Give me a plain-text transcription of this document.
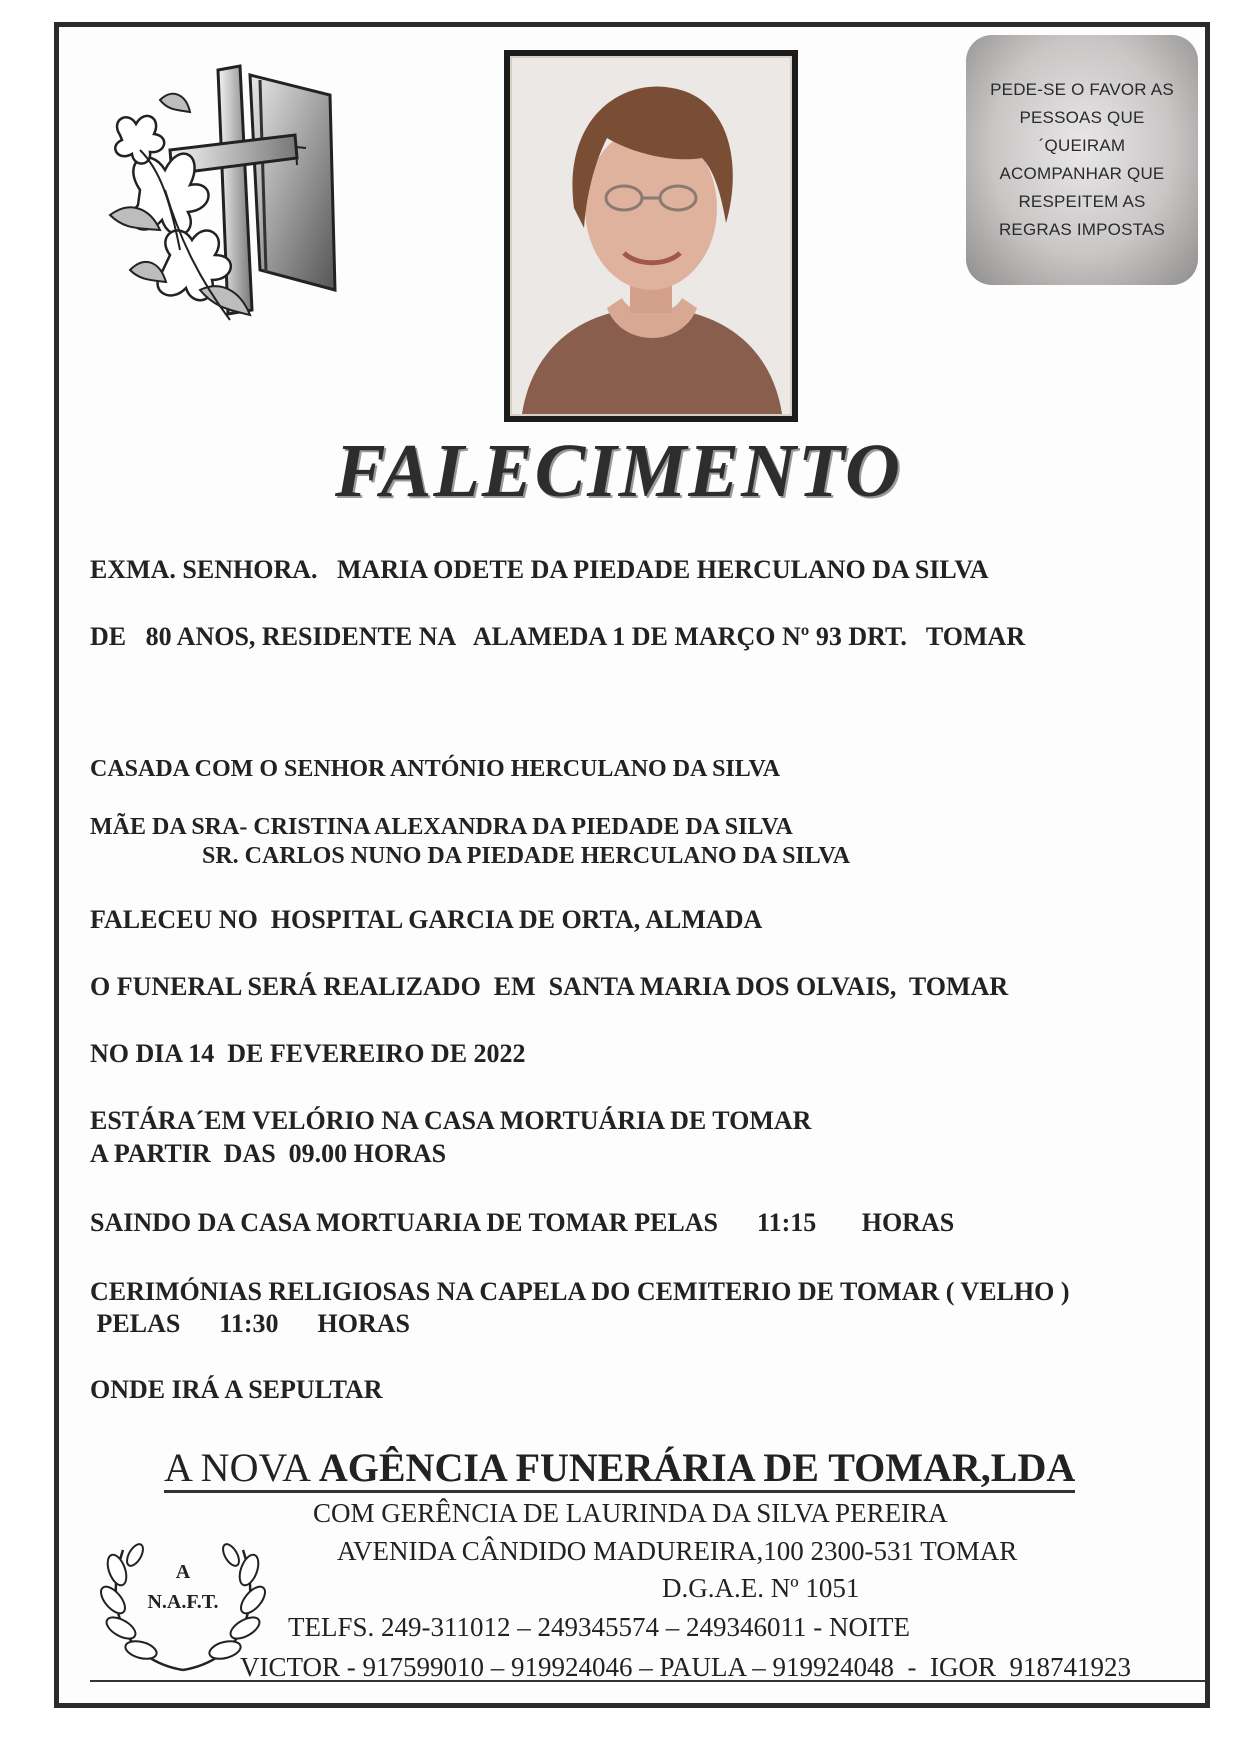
PEDE-SE O FAVOR AS
PESSOAS QUE
´QUEIRAM
ACOMPANHAR QUE
RESPEITEM AS
REGRAS IMPOSTAS
FALECIMENTO
EXMA. SENHORA.   MARIA ODETE DA PIEDADE HERCULANO DA SILVA
DE   80 ANOS, RESIDENTE NA   ALAMEDA 1 DE MARÇO Nº 93 DRT.   TOMAR
CASADA COM O SENHOR ANTÓNIO HERCULANO DA SILVA
MÃE DA SRA- CRISTINA ALEXANDRA DA PIEDADE DA SILVA
SR. CARLOS NUNO DA PIEDADE HERCULANO DA SILVA
FALECEU NO  HOSPITAL GARCIA DE ORTA, ALMADA
O FUNERAL SERÁ REALIZADO  EM  SANTA MARIA DOS OLVAIS,  TOMAR
NO DIA 14  DE FEVEREIRO DE 2022
ESTÁRA´EM VELÓRIO NA CASA MORTUÁRIA DE TOMAR
A PARTIR  DAS  09.00 HORAS
SAINDO DA CASA MORTUARIA DE TOMAR PELAS      11:15       HORAS
CERIMÓNIAS RELIGIOSAS NA CAPELA DO CEMITERIO DE TOMAR ( VELHO )
PELAS      11:30      HORAS
ONDE IRÁ A SEPULTAR
A NOVA AGÊNCIA FUNERÁRIA DE TOMAR,LDA
COM GERÊNCIA DE LAURINDA DA SILVA PEREIRA
AVENIDA CÂNDIDO MADUREIRA,100 2300-531 TOMAR
D.G.A.E. Nº 1051
TELFS. 249-311012 – 249345574 – 249346011 - NOITE
A
N.A.F.T.
VICTOR - 917599010 – 919924046 – PAULA – 919924048  -  IGOR  918741923
